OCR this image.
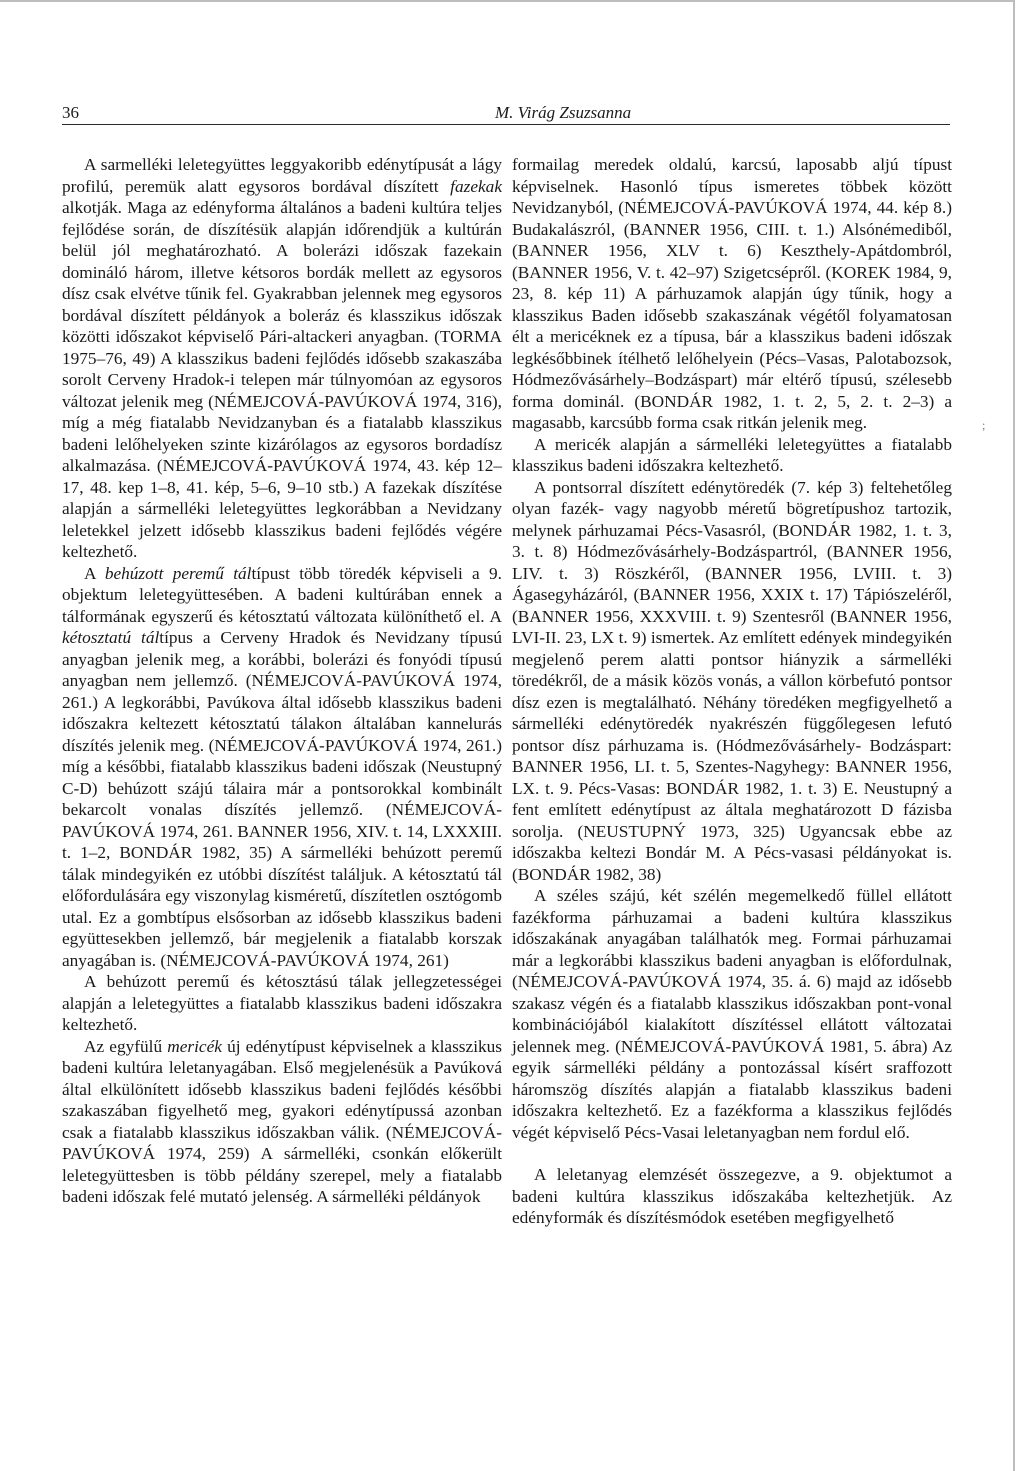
36	M. Virág Zsuzsanna

A sarmelléki leletegyüttes leggyakoribb edénytípusát a lágy profilú, peremük alatt egysoros bordával díszített fazekak alkotják. Maga az edényforma általános a badeni kultúra teljes fejlődése során, de díszítésük alapján időrendjük a kultúrán belül jól meghatározható. A bolerázi időszak fazekain domináló három, illetve kétsoros bordák mellett az egysoros dísz csak elvétve tűnik fel. Gyakrabban jelennek meg egysoros bordával díszített példányok a boleráz és klasszikus időszak közötti időszakot képviselő Pári-altackeri anyagban. (TORMA 1975–76, 49) A klasszikus badeni fejlődés idősebb szakaszába sorolt Cerveny Hradok-i telepen már túlnyomóan az egysoros változat jelenik meg (NÉMEJCOVÁ-PAVÚKOVÁ 1974, 316), míg a még fiatalabb Nevidzanyban és a fiatalabb klasszikus badeni lelőhelyeken szinte kizárólagos az egysoros bordadísz alkalmazása. (NÉMEJCOVÁ-PAVÚKOVÁ 1974, 43. kép 12–17, 48. kep 1–8, 41. kép, 5–6, 9–10 stb.) A fazekak díszítése alapján a sármelléki leletegyüttes legkorábban a Nevidzany leletekkel jelzett idősebb klasszikus badeni fejlődés végére keltezhető.

A behúzott peremű táltípust több töredék képviseli a 9. objektum leletegyüttesében. A badeni kultúrában ennek a tálformának egyszerű és kétosztatú változata különíthető el. A kétosztatú táltípus a Cerveny Hradok és Nevidzany típusú anyagban jelenik meg, a korábbi, bolerázi és fonyódi típusú anyagban nem jellemző. (NÉMEJCOVÁ-PAVÚKOVÁ 1974, 261.) A legkorábbi, Pavúkova által idősebb klasszikus badeni időszakra keltezett kétosztatú tálakon általában kannelurás díszítés jelenik meg. (NÉMEJCOVÁ-PAVÚKOVÁ 1974, 261.) míg a későbbi, fiatalabb klasszikus badeni időszak (Neustupný C-D) behúzott szájú tálaira már a pontsorokkal kombinált bekarcolt vonalas díszítés jellemző. (NÉMEJCOVÁ-PAVÚKOVÁ 1974, 261. BANNER 1956, XIV. t. 14, LXXXIII. t. 1–2, BONDÁR 1982, 35) A sármelléki behúzott peremű tálak mindegyikén ez utóbbi díszítést találjuk. A kétosztatú tál előfordulására egy viszonylag kisméretű, díszítetlen osztógomb utal. Ez a gombtípus elsősorban az idősebb klasszikus badeni együttesekben jellemző, bár megjelenik a fiatalabb korszak anyagában is. (NÉMEJCOVÁ-PAVÚKOVÁ 1974, 261)

A behúzott peremű és kétosztású tálak jellegzetességei alapján a leletegyüttes a fiatalabb klasszikus badeni időszakra keltezhető.

Az egyfülű mericék új edénytípust képviselnek a klasszikus badeni kultúra leletanyagában. Első megjelenésük a Pavúková által elkülönített idősebb klasszikus badeni fejlődés későbbi szakaszában figyelhető meg, gyakori edénytípussá azonban csak a fiatalabb klasszikus időszakban válik. (NÉMEJCOVÁ-PAVÚKOVÁ 1974, 259) A sármelléki, csonkán előkerült leletegyüttesben is több példány szerepel, mely a fiatalabb badeni időszak felé mutató jelenség. A sármelléki példányok

formailag meredek oldalú, karcsú, laposabb aljú típust képviselnek. Hasonló típus ismeretes többek között Nevidzanyból, (NÉMEJCOVÁ-PAVÚKOVÁ 1974, 44. kép 8.) Budakalászról, (BANNER 1956, CIII. t. 1.) Alsónémediből, (BANNER 1956, XLV t. 6) Keszthely-Apátdombról, (BANNER 1956, V. t. 42–97) Szigetcsépről. (KOREK 1984, 9, 23, 8. kép 11) A párhuzamok alapján úgy tűnik, hogy a klasszikus Baden idősebb szakaszának végétől folyamatosan élt a mericéknek ez a típusa, bár a klasszikus badeni időszak legkésőbbinek ítélhető lelőhelyein (Pécs–Vasas, Palotabozsok, Hódmezővásárhely–Bodzáspart) már eltérő típusú, szélesebb forma dominál. (BONDÁR 1982, 1. t. 2, 5, 2. t. 2–3) a magasabb, karcsúbb forma csak ritkán jelenik meg.

A mericék alapján a sármelléki leletegyüttes a fiatalabb klasszikus badeni időszakra keltezhető.

A pontsorral díszített edénytöredék (7. kép 3) feltehetőleg olyan fazék- vagy nagyobb méretű bögretípushoz tartozik, melynek párhuzamai Pécs-Vasasról, (BONDÁR 1982, 1. t. 3, 3. t. 8) Hódmezővásárhely-Bodzáspartról, (BANNER 1956, LIV. t. 3) Röszkéről, (BANNER 1956, LVIII. t. 3) Ágasegyházáról, (BANNER 1956, XXIX t. 17) Tápiószeléről, (BANNER 1956, XXXVIII. t. 9) Szentesről (BANNER 1956, LVI-II. 23, LX t. 9) ismertek. Az említett edények mindegyikén megjelenő perem alatti pontsor hiányzik a sármelléki töredékről, de a másik közös vonás, a vállon körbefutó pontsor dísz ezen is megtalálható. Néhány töredéken megfigyelhető a sármelléki edénytöredék nyakrészén függőlegesen lefutó pontsor dísz párhuzama is. (Hódmezővásárhely- Bodzáspart: BANNER 1956, LI. t. 5, Szentes-Nagyhegy: BANNER 1956, LX. t. 9. Pécs-Vasas: BONDÁR 1982, 1. t. 3) E. Neustupný a fent említett edénytípust az általa meghatározott D fázisba sorolja. (NEUSTUPNÝ 1973, 325) Ugyancsak ebbe az időszakba keltezi Bondár M. A Pécs-vasasi példányokat is. (BONDÁR 1982, 38)

A széles szájú, két szélén megemelkedő füllel ellátott fazékforma párhuzamai a badeni kultúra klasszikus időszakának anyagában találhatók meg. Formai párhuzamai már a legkorábbi klasszikus badeni anyagban is előfordulnak, (NÉMEJCOVÁ-PAVÚKOVÁ 1974, 35. á. 6) majd az idősebb szakasz végén és a fiatalabb klasszikus időszakban pont-vonal kombinációjából kialakított díszítéssel ellátott változatai jelennek meg. (NÉMEJCOVÁ-PAVÚKOVÁ 1981, 5. ábra) Az egyik sármelléki példány a pontozással kísért sraffozott háromszög díszítés alapján a fiatalabb klasszikus badeni időszakra keltezhető. Ez a fazékforma a klasszikus fejlődés végét képviselő Pécs-Vasai leletanyagban nem fordul elő.

A leletanyag elemzését összegezve, a 9. objektumot a badeni kultúra klasszikus időszakába keltezhetjük. Az edényformák és díszítésmódok esetében megfigyelhető

;
